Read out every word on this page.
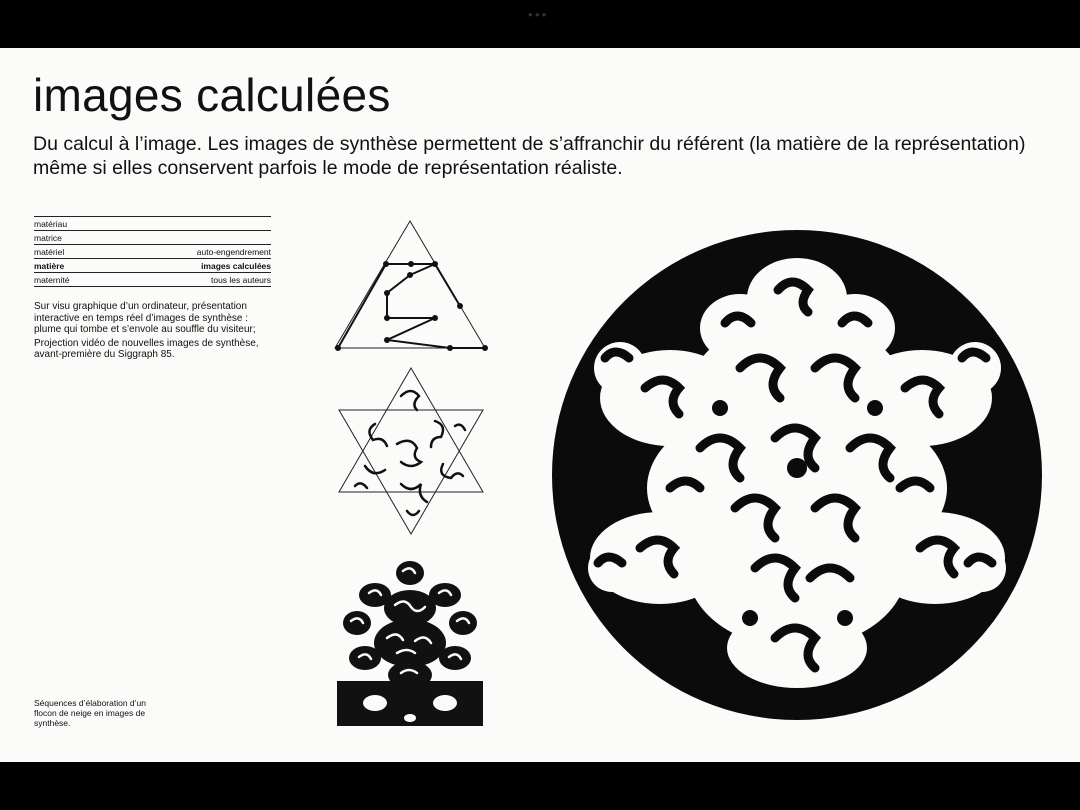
●●●
images calculées

Du calcul à l’image. Les images de synthèse permettent de s’affranchir du référent (la matière de la représentation) même si elles conservent parfois le mode de représentation réaliste.

matériau
matrice
matériel	auto-engendrement
matière	images calculées
maternité	tous les auteurs

Sur visu graphique d’un ordinateur, présentation interactive en temps réel d’images de synthèse : plume qui tombe et s’envole au souffle du visiteur;

Projection vidéo de nouvelles images de synthèse, avant-première du Siggraph 85.

Séquences d’élaboration d’un flocon de neige en images de synthèse.
